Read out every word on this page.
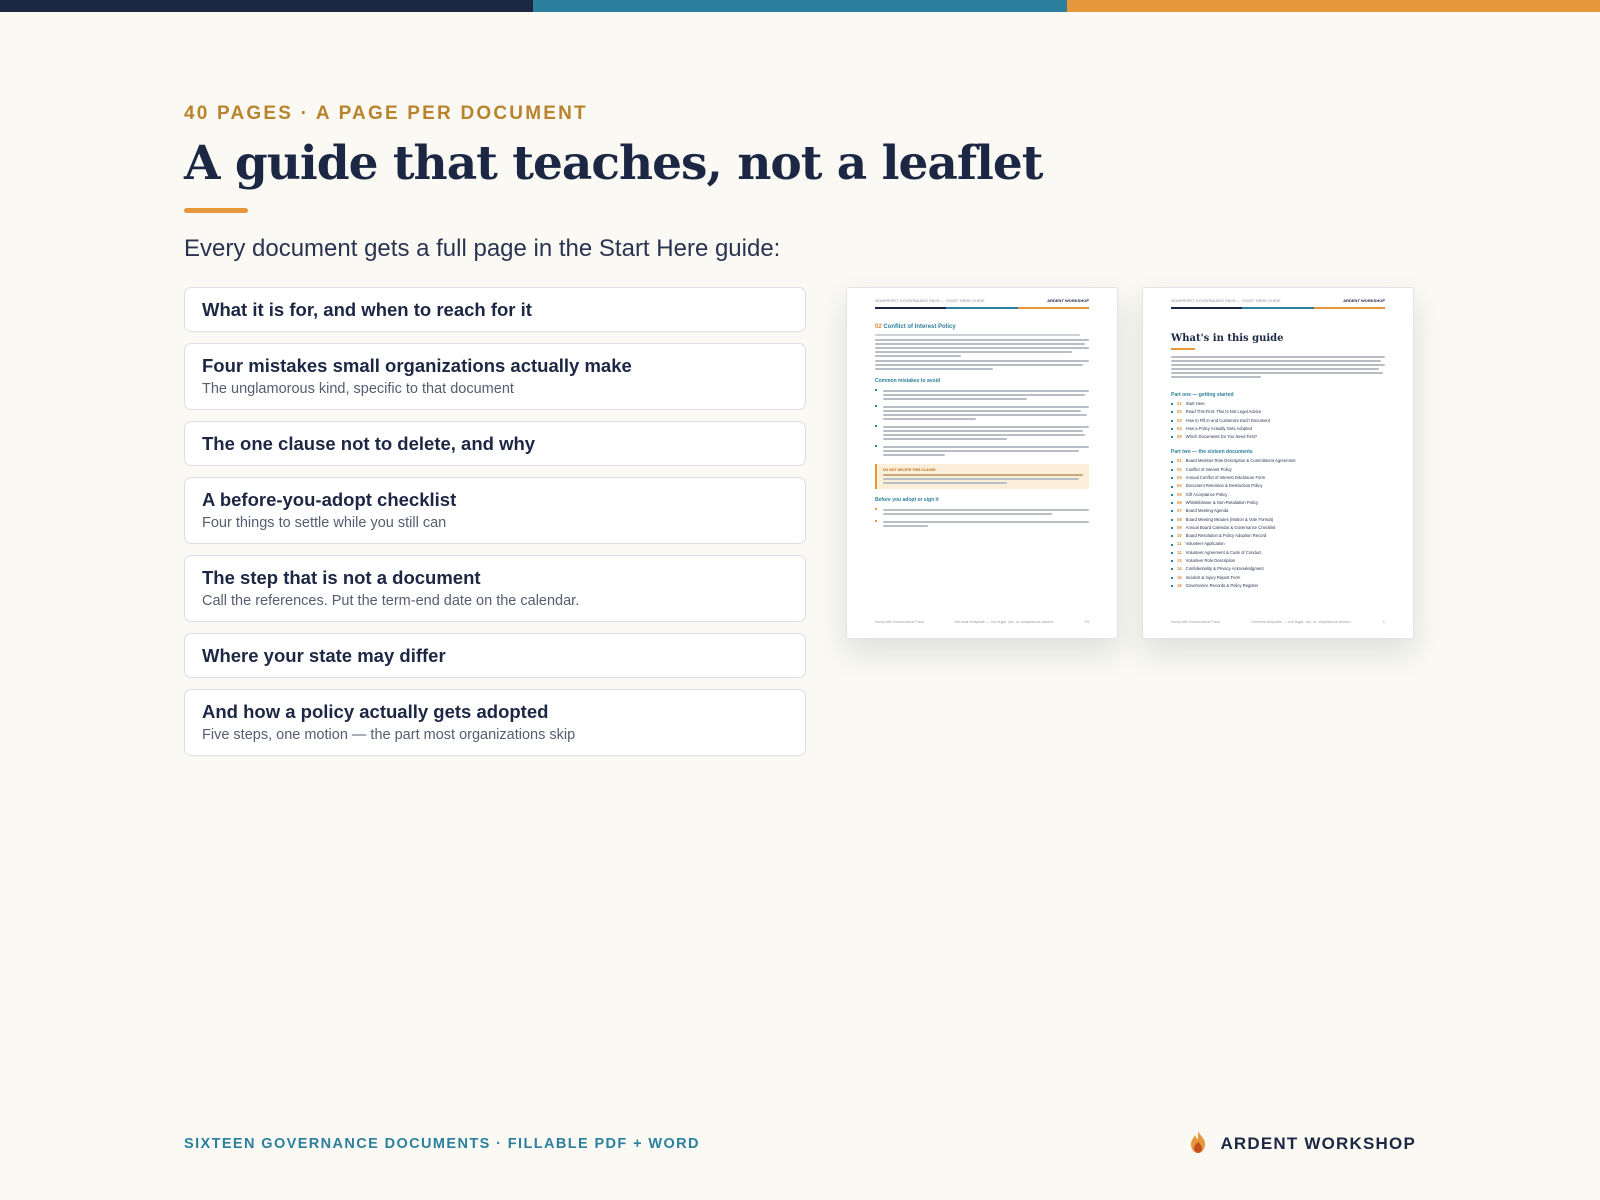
40 PAGES · A PAGE PER DOCUMENT
A guide that teaches, not a leaflet

Every document gets a full page in the Start Here guide:

What it is for, and when to reach for it
Four mistakes small organizations actually make
The unglamorous kind, specific to that document
The one clause not to delete, and why
A before-you-adopt checklist
Four things to settle while you still can
The step that is not a document
Call the references. Put the term-end date on the calendar.
Where your state may differ
And how a policy actually gets adopted
Five steps, one motion — the part most organizations skip
NONPROFIT GOVERNANCE PACK — START HERE GUIDE	ARDENT WORKSHOP
02 Conflict of Interest Policy
Common mistakes to avoid
DO NOT DELETE THIS CLAUSE
Before you adopt or sign it
Nonprofit Governance Pack	General template — not legal, tax, or compliance advice.	15
NONPROFIT GOVERNANCE PACK — START HERE GUIDE	ARDENT WORKSHOP
What's in this guide
Part one — getting started
01 Start Here
02 Read This First: This Is Not Legal Advice
03 How to Fill In and Customize Each Document
04 How a Policy Actually Gets Adopted
05 Which Documents Do You Need First?
Part two — the sixteen documents
01 Board Member Role Description & Commitment Agreement
02 Conflict of Interest Policy
03 Annual Conflict of Interest Disclosure Form
04 Document Retention & Destruction Policy
05 Gift Acceptance Policy
06 Whistleblower & Non-Retaliation Policy
07 Board Meeting Agenda
08 Board Meeting Minutes (Motion & Vote Format)
09 Annual Board Calendar & Governance Checklist
10 Board Resolution & Policy Adoption Record
11 Volunteer Application
12 Volunteer Agreement & Code of Conduct
13 Volunteer Role Description
14 Confidentiality & Privacy Acknowledgment
15 Incident & Injury Report Form
16 Governance Records & Policy Register
Nonprofit Governance Pack	General template — not legal, tax, or compliance advice.	1
SIXTEEN GOVERNANCE DOCUMENTS · FILLABLE PDF + WORD	ARDENT WORKSHOP
